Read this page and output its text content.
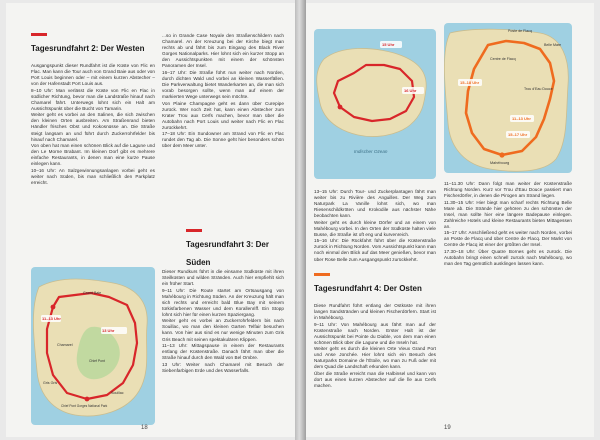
Tagesrundfahrt 2: Der Westen

Ausgangspunkt dieser Rundfahrt ist die Küste von Flic en Flac. Man kann die Tour auch von Grand Baie aus oder von Port Louis beginnen oder – mit einem kurzen Abstecher – von der Hafenstadt Port Louis aus.

8–10 Uhr: Man verlässt die Küste von Flic en Flac in südlicher Richtung, bevor man die Landstraße hinauf nach Chamarel fährt. Unterwegs lohnt sich ein Halt am Aussichtspunkt über die Bucht von Tamarin.

Weiter geht es vorbei an den Salinen, die sich zwischen den kleinen Orten ausbreiten. Am Straßenrand bieten Händler frisches Obst und Kokosnüsse an. Die Straße steigt langsam an und führt durch Zuckerrohrfelder bis hinauf nach Chamarel.

Von oben hat man einen schönen Blick auf die Lagune und den Le Morne Brabant. Im kleinen Dorf gibt es mehrere einfache Restaurants, in denen man eine kurze Pause einlegen kann.

10–16 Uhr: An Salzgewinnungsanlagen vorbei geht es weiter nach Süden, bis man schließlich den Parkplatz erreicht.

11–13 Uhr
Grand Baie
Chamarel
13 Uhr
Chief Pont
Chief Pont Gorges National Park
Souillac
Gris Gris

...so in Grande Case Noyale den Straßenschildern nach Chamarel. An der Kreuzung bei der Kirche biegt man rechts ab und fährt bis zum Eingang des Black River Gorges Nationalparks. Hier lohnt sich ein kurzer Stopp an den Aussichtspunkten mit einem der schönsten Panoramen der Insel.

16–17 Uhr: Die Straße führt nun weiter nach Norden, durch dichten Wald und vorbei an kleinen Wasserfällen. Die Parkverwaltung bietet Wanderkarten an, die man sich vorab besorgen sollte, wenn man auf einem der markierten Wege unterwegs sein möchte.

Von Plaine Champagne geht es dann über Curepipe zurück. Wer noch Zeit hat, kann einen Abstecher zum Krater Trou aux Cerfs machen, bevor man über die Autobahn nach Port Louis und weiter nach Flic en Flac zurückkehrt.

17–18 Uhr: Ein Sundowner am Strand von Flic en Flac rundet den Tag ab. Die Sonne geht hier besonders schön über dem Meer unter.

Tagesrundfahrt 3: Der Süden

Dieser Rundkurs führt in die einsame Südküste mit ihren Steilküsten und wilden Stränden. Auch hier empfiehlt sich ein früher Start.

9–11 Uhr: Die Route startet am Ortsausgang von Mahébourg in Richtung Süden. An der Kreuzung hält man sich rechts und erreicht bald Blue Bay mit seinem türkisfarbenen Wasser und dem Korallenriff. Ein Stopp lohnt sich hier für einen kurzen Spaziergang.

Weiter geht es vorbei an Zuckerrohrfeldern bis nach Souillac, wo man den kleinen Garten Telfair besuchen kann. Von hier aus sind es nur wenige Minuten zum Gris Gris Beach mit seinen spektakulären Klippen.

11–13 Uhr: Mittagspause in einem der Restaurants entlang der Küstenstraße. Danach fährt man über die Straße hinauf durch den Wald von Bel Ombre.

13 Uhr: Weiter nach Chamarel mit Besuch der Siebenfarbigen Erde und des Wasserfalls.

18
15 Uhr
16 Uhr
Indischer Ozean

13–15 Uhr: Durch Tour- und Zuckerplantagen fährt man weiter bis zu Rivière des Anguilles. Der Weg zum Naturpark La Vanille lohnt sich, wo man Riesenschildkröten und Krokodile aus nächster Nähe beobachten kann.

Weiter geht es durch kleine Dörfer und an einem von Mahébourg vorbei. In den Orten der Südküste halten viele Busse, die Straße ist oft eng und kurvenreich.

15–16 Uhr: Die Rückfahrt führt über die Küstenstraße zurück in Richtung Norden. Vom Aussichtspunkt kann man noch einmal den Blick auf das Meer genießen, bevor man über Rose Belle zum Ausgangspunkt zurückkehrt.

Tagesrundfahrt 4: Der Osten

Diese Rundfahrt führt entlang der Ostküste mit ihren langen Sandstränden und kleinen Fischerdörfern. Start ist in Mahébourg.

9–11 Uhr: Von Mahébourg aus fährt man auf der Küstenstraße nach Norden. Erster Halt ist der Aussichtspunkt bei Pointe du Diable, von dem man einen schönen Blick über die Lagune und die Inseln hat.

Weiter geht es durch die kleinen Orte Vieux Grand Port und Anse Jonchée. Hier lohnt sich ein Besuch des Naturparks Domaine de l'Étoile, wo man zu Fuß oder mit dem Quad die Landschaft erkunden kann.

Über die Straße erreicht man die Halbinsel und kann von dort aus einen kurzen Abstecher auf die Île aux Cerfs machen.

Poste de Flacq
Belle Mare
Centre de Flacq
Trou d'Eau Douce
Mahébourg
11–13 Uhr
15–17 Uhr
15–18 Uhr

11–11.30 Uhr: Dann folgt man weiter der Küstenstraße Richtung Norden. Kurz vor Trou d'Eau Douce passiert man Fischerdörfer, in denen die Pirogen am Strand liegen.

11.30–15 Uhr: Hier biegt man scharf rechts Richtung Belle Mare ab. Die Strände hier gehören zu den schönsten der Insel, man sollte hier eine längere Badepause einlegen. Zahlreiche Hotels und kleine Restaurants bieten Mittagessen an.

15–17 Uhr: Anschließend geht es weiter nach Norden, vorbei an Poste de Flacq und über Centre de Flacq. Der Markt von Centre de Flacq ist einer der größten der Insel.

17.30–18 Uhr: Über Quatre Bornes geht es zurück. Die Autobahn bringt einen schnell zurück nach Mahébourg, wo man den Tag gemütlich ausklingen lassen kann.

19
